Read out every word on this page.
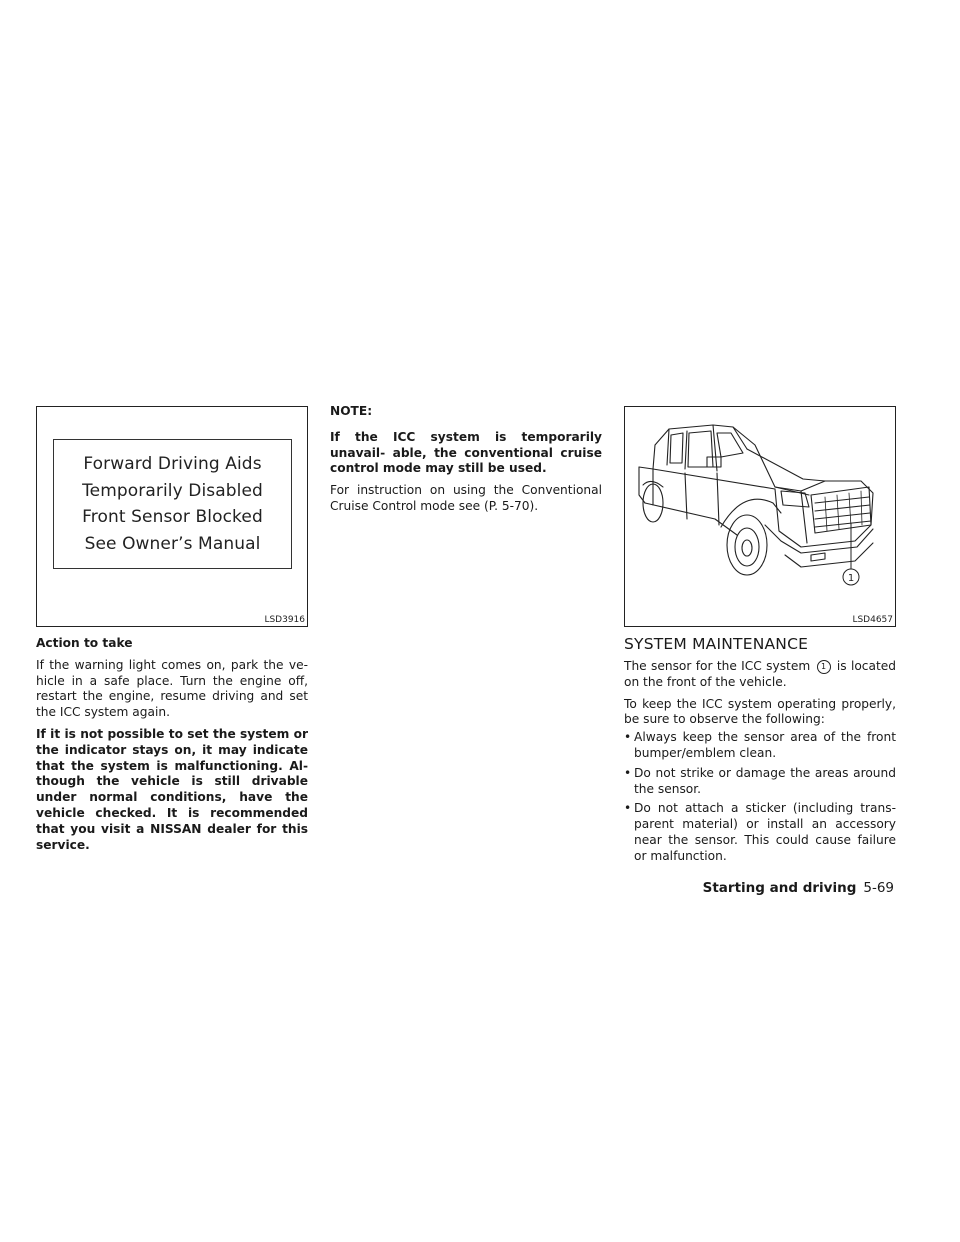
Forward Driving Aids
Temporarily Disabled
Front Sensor Blocked
See Owner’s Manual
LSD3916

Action to take

If the warning light comes on, park the ve- hicle in a safe place. Turn the engine off, restart the engine, resume driving and set the ICC system again.

If it is not possible to set the system or the indicator stays on, it may indicate that the system is malfunctioning. Al- though the vehicle is still drivable under normal conditions, have the vehicle checked. It is recommended that you visit a NISSAN dealer for this service.

NOTE:

If the ICC system is temporarily unavail- able, the conventional cruise control mode may still be used.

For instruction on using the Conventional Cruise Control mode see (P. 5-70).

1
LSD4657

SYSTEM MAINTENANCE

The sensor for the ICC system 1 is located on the front of the vehicle.

To keep the ICC system operating properly, be sure to observe the following:

• Always keep the sensor area of the front bumper/emblem clean.
• Do not strike or damage the areas around the sensor.
• Do not attach a sticker (including trans- parent material) or install an accessory near the sensor. This could cause failure or malfunction.
Starting and driving 5-69
